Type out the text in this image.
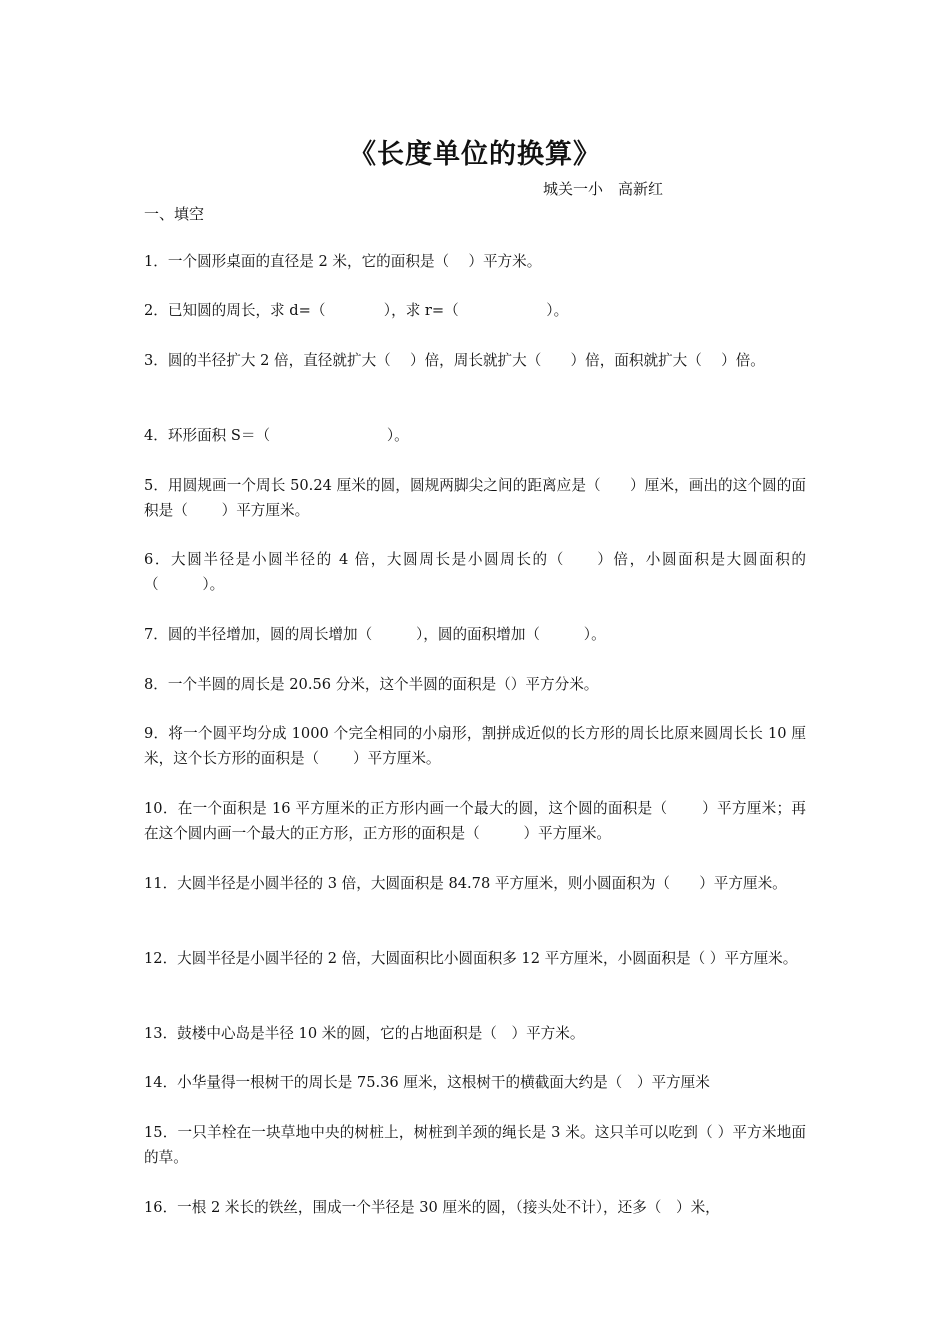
《长度单位的换算》
城关一小　高新红
一、填空
1．一个圆形桌面的直径是 2 米，它的面积是（　 ）平方米。
2．已知圆的周长，求 d=（　　　　），求 r=（　　　　　　）。
3．圆的半径扩大 2 倍，直径就扩大（　 ）倍，周长就扩大（　　）倍，面积就扩大（　 ）倍。
4．环形面积 S＝（　　　　　　　　）。
5．用圆规画一个周长 50.24 厘米的圆，圆规两脚尖之间的距离应是（　　）厘米，画出的这个圆的面积是（　　 ）平方厘米。
6．大圆半径是小圆半径的 4 倍，大圆周长是小圆周长的（　　）倍，小圆面积是大圆面积的（　　　）。
7．圆的半径增加，圆的周长增加（　　　），圆的面积增加（　　　）。
8．一个半圆的周长是 20.56 分米，这个半圆的面积是（）平方分米。
9．将一个圆平均分成 1000 个完全相同的小扇形，割拼成近似的长方形的周长比原来圆周长长 10 厘米，这个长方形的面积是（　　 ）平方厘米。
10．在一个面积是 16 平方厘米的正方形内画一个最大的圆，这个圆的面积是（　　 ）平方厘米；再在这个圆内画一个最大的正方形，正方形的面积是（　　　）平方厘米。
11．大圆半径是小圆半径的 3 倍，大圆面积是 84.78 平方厘米，则小圆面积为（　　）平方厘米。
12．大圆半径是小圆半径的 2 倍，大圆面积比小圆面积多 12 平方厘米，小圆面积是（ ）平方厘米。
13．鼓楼中心岛是半径 10 米的圆，它的占地面积是（　）平方米。
14．小华量得一根树干的周长是 75.36 厘米，这根树干的横截面大约是（　）平方厘米
15．一只羊栓在一块草地中央的树桩上，树桩到羊颈的绳长是 3 米。这只羊可以吃到（ ）平方米地面的草。
16．一根 2 米长的铁丝，围成一个半径是 30 厘米的圆，（接头处不计），还多（　）米，
